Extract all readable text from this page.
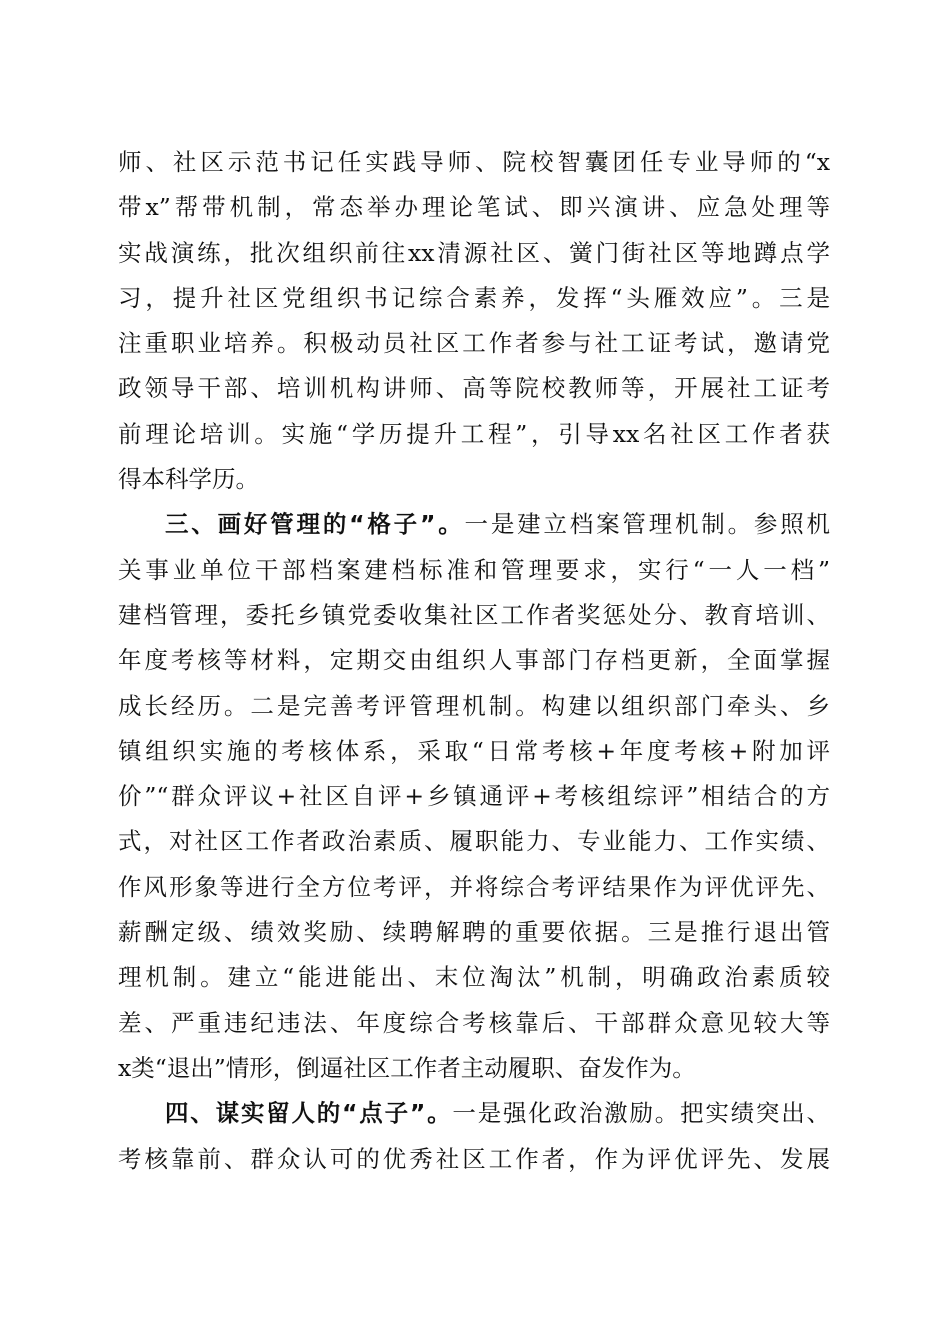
师、社区示范书记任实践导师、院校智囊团任专业导师的“x
带x”帮带机制，常态举办理论笔试、即兴演讲、应急处理等
实战演练，批次组织前往xx清源社区、黉门街社区等地蹲点学
习，提升社区党组织书记综合素养，发挥“头雁效应”。三是
注重职业培养。积极动员社区工作者参与社工证考试，邀请党
政领导干部、培训机构讲师、高等院校教师等，开展社工证考
前理论培训。实施“学历提升工程”，引导xx名社区工作者获
得本科学历。
三、画好管理的“格子”。一是建立档案管理机制。参照机
关事业单位干部档案建档标准和管理要求，实行“一人一档”
建档管理，委托乡镇党委收集社区工作者奖惩处分、教育培训、
年度考核等材料，定期交由组织人事部门存档更新，全面掌握
成长经历。二是完善考评管理机制。构建以组织部门牵头、乡
镇组织实施的考核体系，采取“日常考核+年度考核+附加评
价”“群众评议+社区自评+乡镇通评+考核组综评”相结合的方
式，对社区工作者政治素质、履职能力、专业能力、工作实绩、
作风形象等进行全方位考评，并将综合考评结果作为评优评先、
薪酬定级、绩效奖励、续聘解聘的重要依据。三是推行退出管
理机制。建立“能进能出、末位淘汰”机制，明确政治素质较
差、严重违纪违法、年度综合考核靠后、干部群众意见较大等
x类“退出”情形，倒逼社区工作者主动履职、奋发作为。
四、谋实留人的“点子”。一是强化政治激励。把实绩突出、
考核靠前、群众认可的优秀社区工作者，作为评优评先、发展
